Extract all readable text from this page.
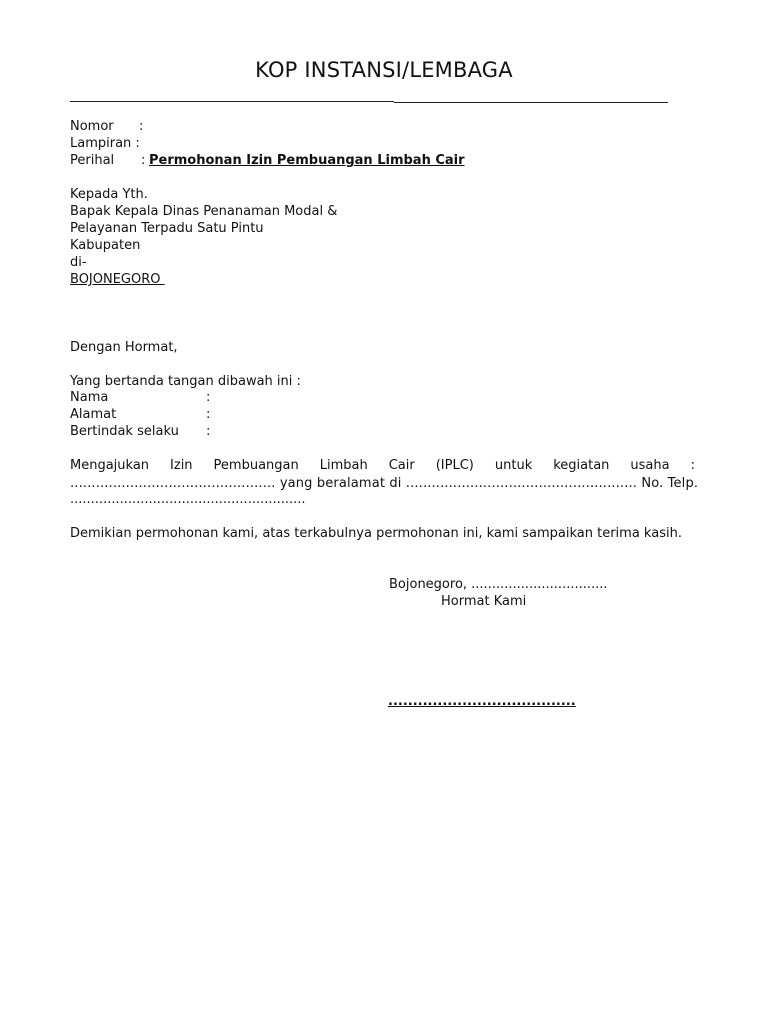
KOP INSTANSI/LEMBAGA
Nomor :
Lampiran :
Perihal : Permohonan Izin Pembuangan Limbah Cair
Kepada Yth.
Bapak Kepala Dinas Penanaman Modal &
Pelayanan Terpadu Satu Pintu
Kabupaten
di-
BOJONEGORO
Dengan Hormat,
Yang bertanda tangan dibawah ini :
Nama	:
Alamat	:
Bertindak selaku :
Mengajukan Izin Pembuangan Limbah Cair (IPLC) untuk kegiatan usaha :
................................................ yang beralamat di ...................................................... No. Telp.
.........................................................
Demikian permohonan kami, atas terkabulnya permohonan ini, kami sampaikan terima kasih.
Bojonegoro, .................................
Hormat Kami
......................................
